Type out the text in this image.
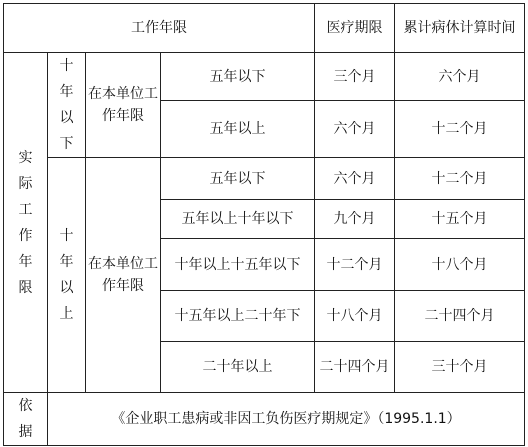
工作年限				医疗期限	累计病休计算时间
实际工作年限	十年以下	在本单位工作年限	五年以下	三个月	六个月
			五年以上	六个月	十二个月
	十年以上	在本单位工作年限	五年以下	六个月	十二个月
			五年以上十年以下	九个月	十五个月
			十年以上十五年以下	十二个月	十八个月
			十五年以上二十年下	十八个月	二十四个月
			二十年以上	二十四个月	三十个月
依据	《企业职工患病或非因工负伤医疗期规定》（1995.1.1）				
